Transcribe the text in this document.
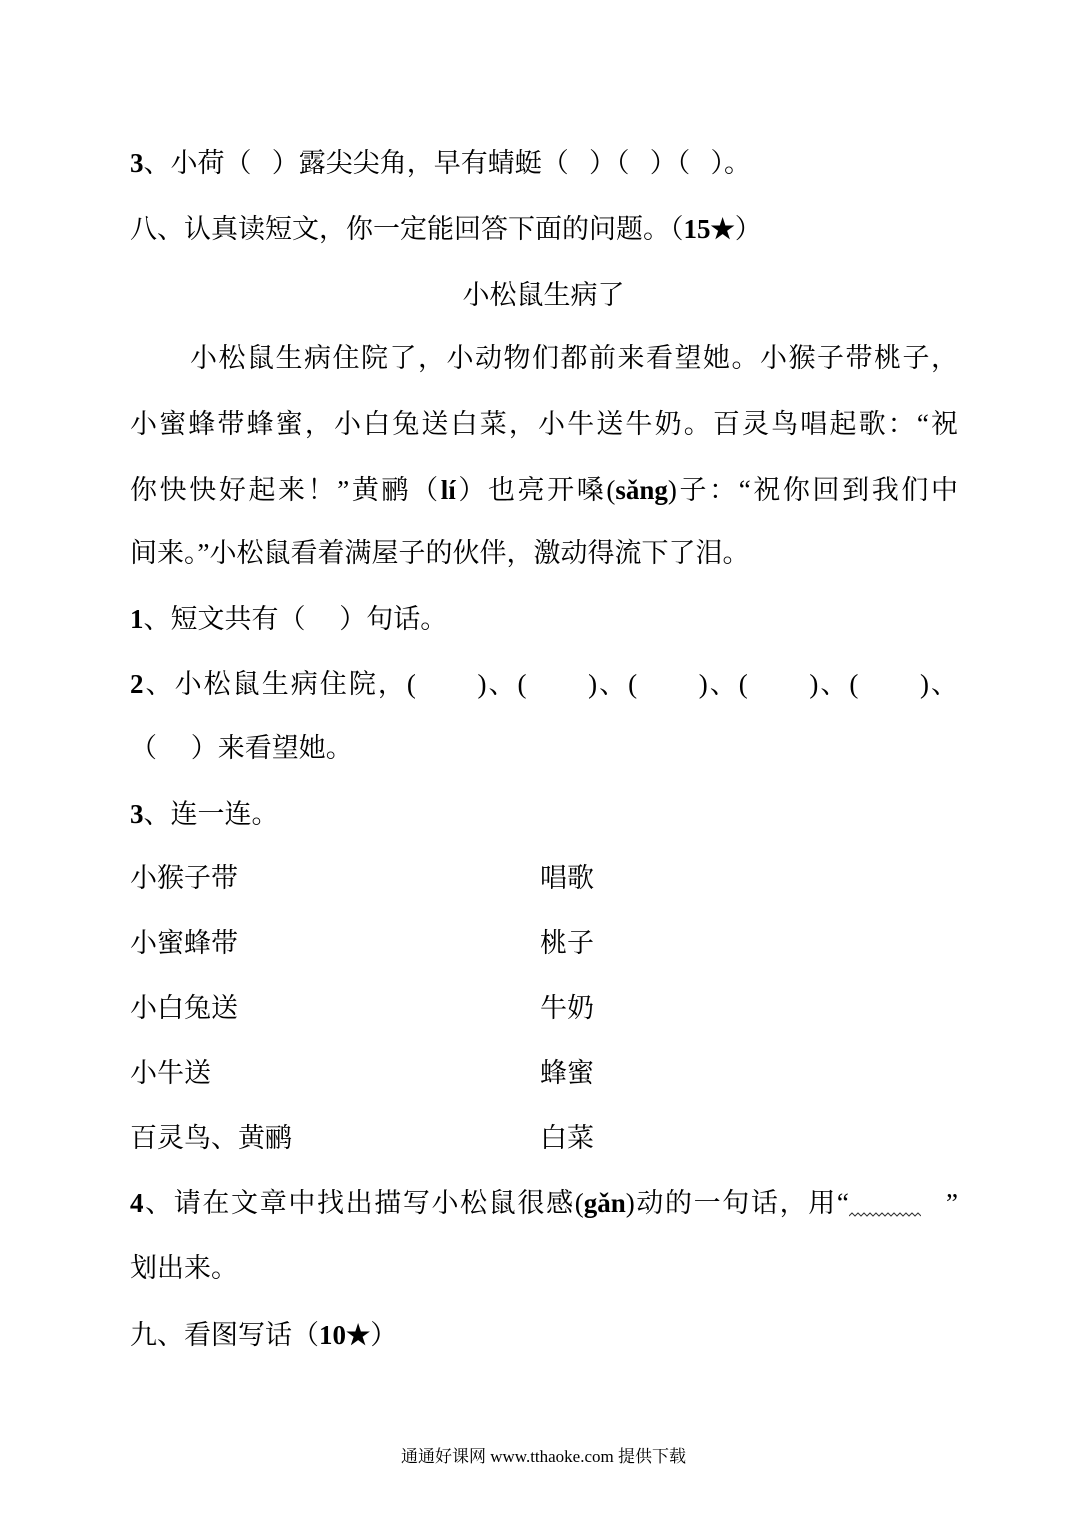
3、小荷（   ）露尖尖角，早有蜻蜓（   ）（   ）（   ）。
八、认真读短文，你一定能回答下面的问题。（15★）
小松鼠生病了
小松鼠生病住院了，小动物们都前来看望她。小猴子带桃子，
小蜜蜂带蜂蜜，小白兔送白菜，小牛送牛奶。百灵鸟唱起歌：“祝
你快快好起来！”黄鹂（lí）也亮开嗓(sǎng)子：“祝你回到我们中
间来。”小松鼠看着满屋子的伙伴，激动得流下了泪。
1、短文共有（     ）句话。
2、小松鼠生病住院，(       )、(       )、(       )、(       )、(       )、
（     ）来看望她。
3、连一连。
小猴子带	唱歌
小蜜蜂带	桃子
小白兔送	牛奶
小牛送	蜂蜜
百灵鸟、黄鹂	白菜
4、请在文章中找出描写小松鼠很感(gǎn)动的一句话，用“	”
划出来。
九、看图写话（10★）
通通好课网 www.tthaoke.com 提供下载
